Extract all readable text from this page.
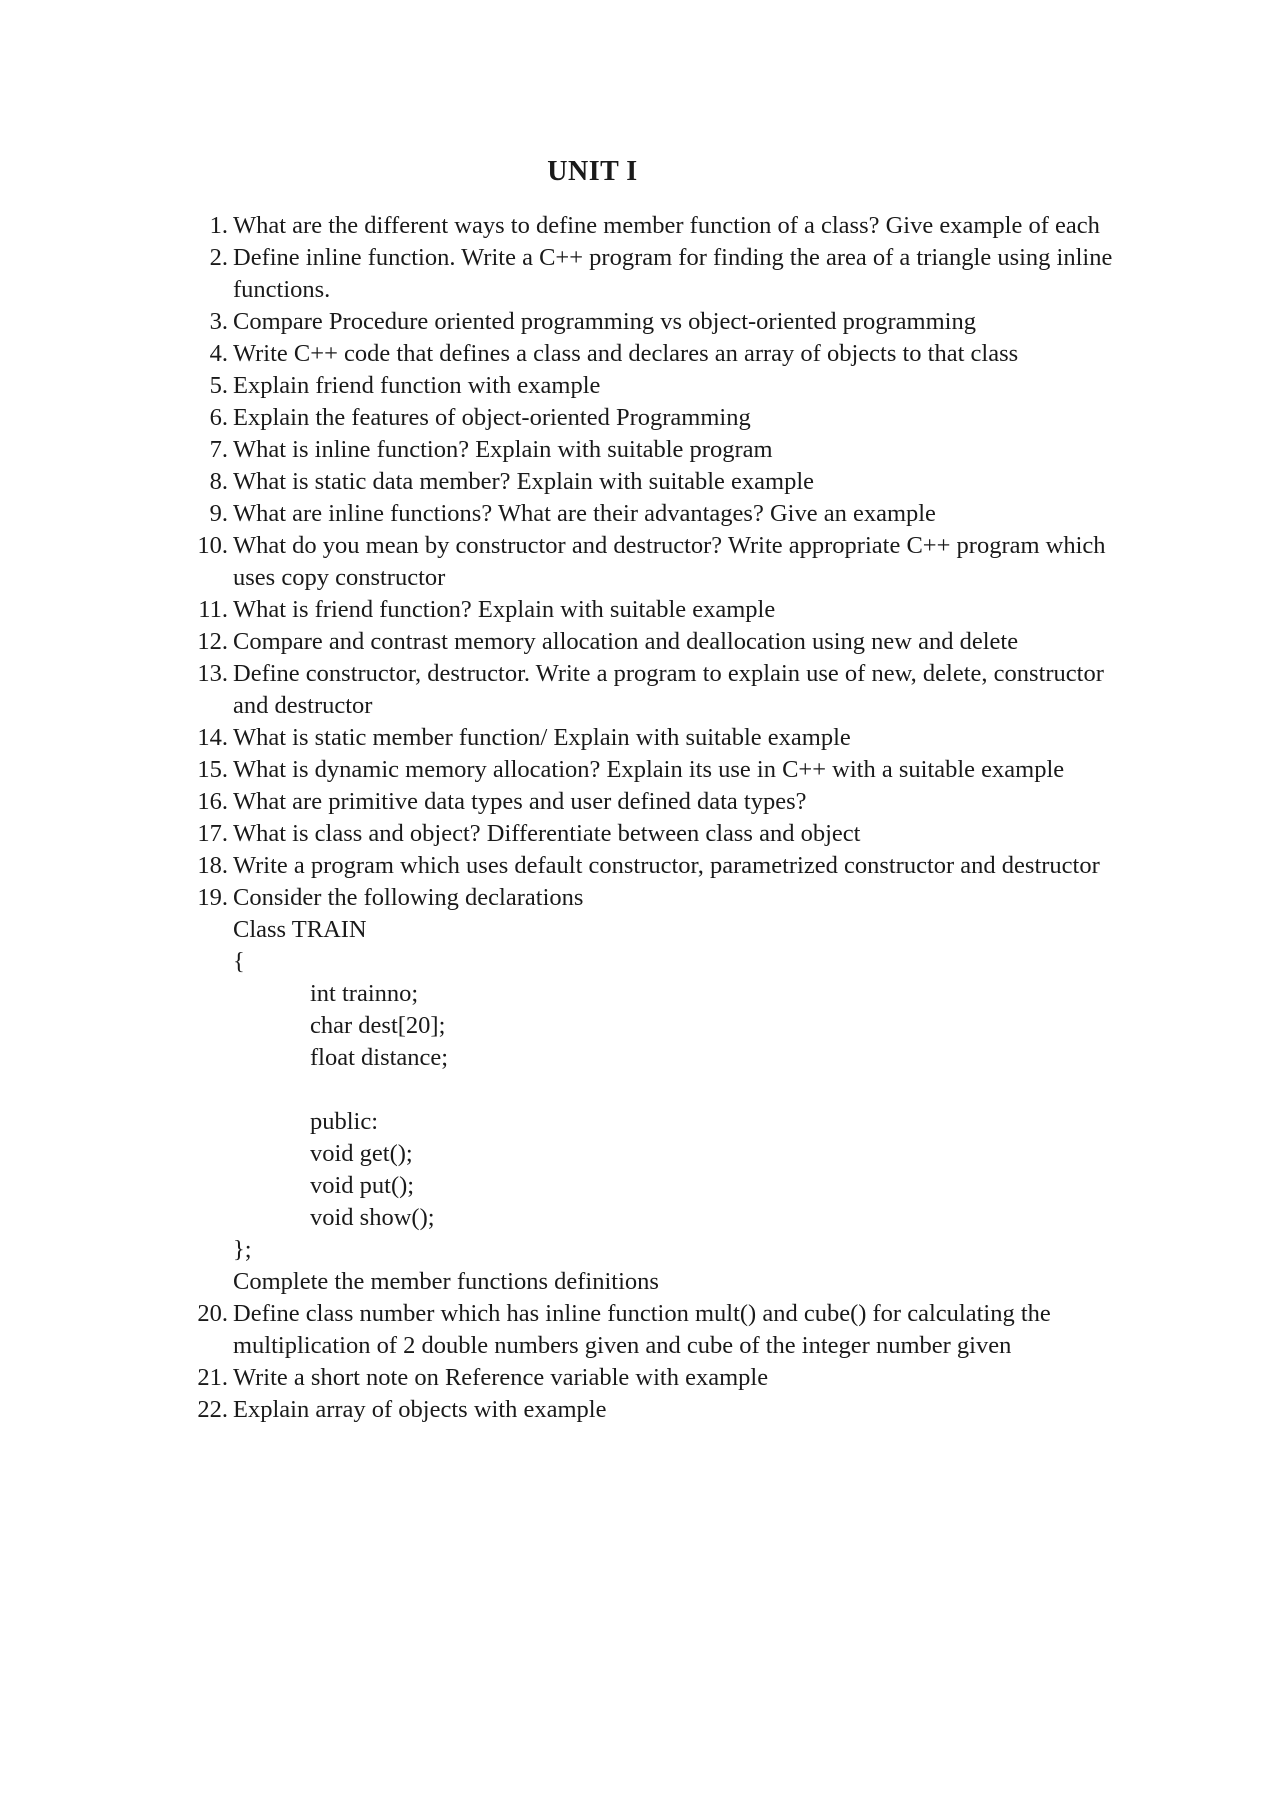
UNIT I
1. What are the different ways to define member function of a class? Give example of each
2. Define inline function. Write a C++ program for finding the area of a triangle using inline functions.
3. Compare Procedure oriented programming vs object-oriented programming
4. Write C++ code that defines a class and declares an array of objects to that class
5. Explain friend function with example
6. Explain the features of object-oriented Programming
7. What is inline function? Explain with suitable program
8. What is static data member? Explain with suitable example
9. What are inline functions? What are their advantages? Give an example
10. What do you mean by constructor and destructor? Write appropriate C++ program which uses copy constructor
11. What is friend function? Explain with suitable example
12. Compare and contrast memory allocation and deallocation using new and delete
13. Define constructor, destructor. Write a program to explain use of new, delete, constructor and destructor
14. What is static member function/ Explain with suitable example
15. What is dynamic memory allocation? Explain its use in C++ with a suitable example
16. What are primitive data types and user defined data types?
17. What is class and object? Differentiate between class and object
18. Write a program which uses default constructor, parametrized constructor and destructor
19. Consider the following declarations
Class TRAIN
{
int trainno;
char dest[20];
float distance;
public:
void get();
void put();
void show();
};
Complete the member functions definitions
20. Define class number which has inline function mult() and cube() for calculating the multiplication of 2 double numbers given and cube of the integer number given
21. Write a short note on Reference variable with example
22. Explain array of objects with example
